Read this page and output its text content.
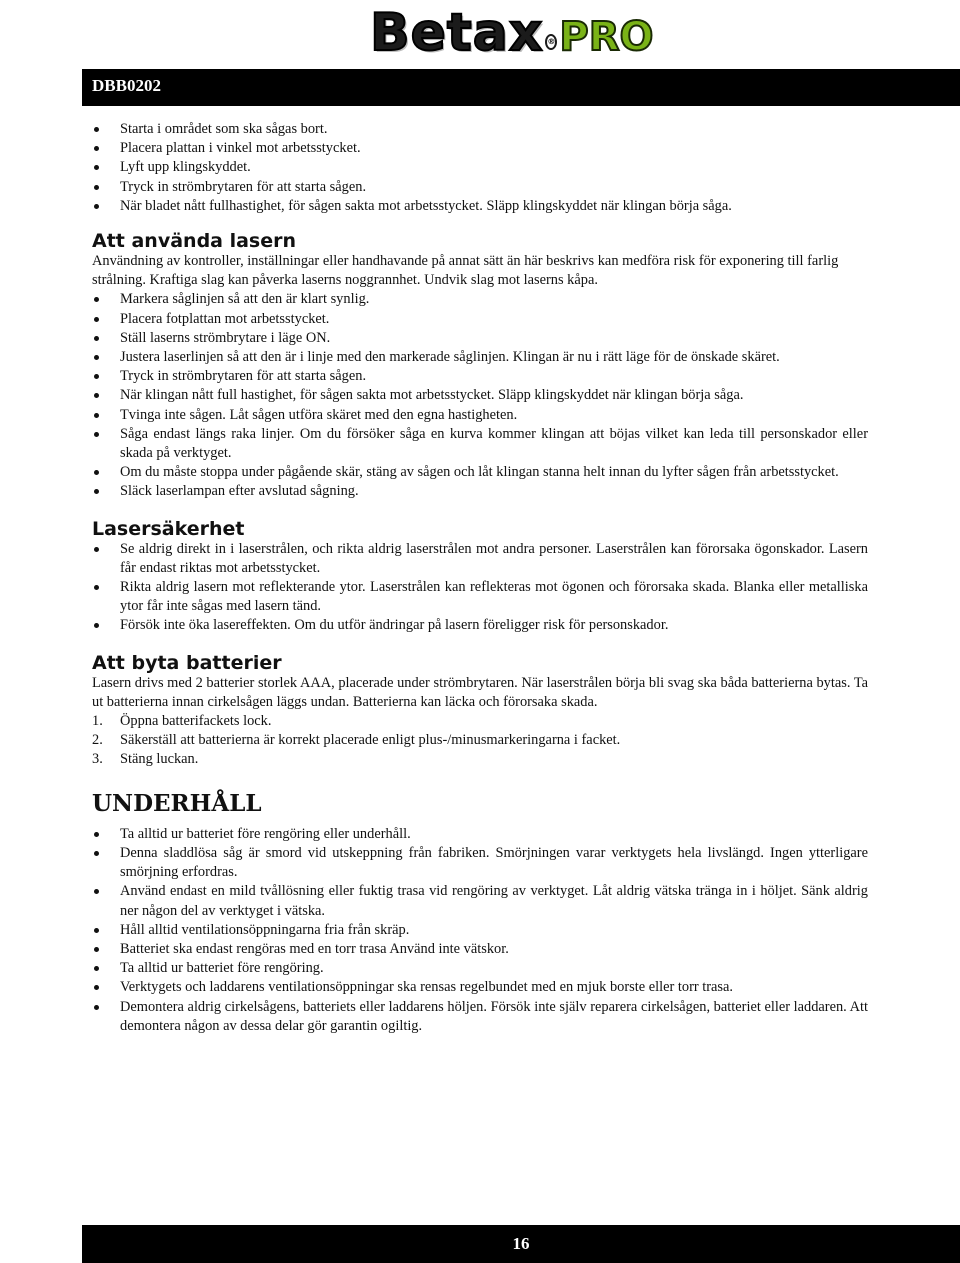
Betax ® PRO
DBB0202
Starta i området som ska sågas bort.
Placera plattan i vinkel mot arbetsstycket.
Lyft upp klingskyddet.
Tryck in strömbrytaren för att starta sågen.
När bladet nått fullhastighet, för sågen sakta mot arbetsstycket. Släpp klingskyddet när klingan börja såga.
Att använda lasern

Användning av kontroller, inställningar eller handhavande på annat sätt än här beskrivs kan medföra risk för exponering till farlig strålning. Kraftiga slag kan påverka laserns noggrannhet. Undvik slag mot laserns kåpa.

Markera såglinjen så att den är klart synlig.
Placera fotplattan mot arbetsstycket.
Ställ laserns strömbrytare i läge ON.
Justera laserlinjen så att den är i linje med den markerade såglinjen. Klingan är nu i rätt läge för de önskade skäret.
Tryck in strömbrytaren för att starta sågen.
När klingan nått full hastighet, för sågen sakta mot arbetsstycket. Släpp klingskyddet när klingan börja såga.
Tvinga inte sågen. Låt sågen utföra skäret med den egna hastigheten.
Såga endast längs raka linjer. Om du försöker såga en kurva kommer klingan att böjas vilket kan leda till personskador eller skada på verktyget.
Om du måste stoppa under pågående skär, stäng av sågen och låt klingan stanna helt innan du lyfter sågen från arbetsstycket.
Släck laserlampan efter avslutad sågning.
Lasersäkerhet
Se aldrig direkt in i laserstrålen, och rikta aldrig laserstrålen mot andra personer. Laserstrålen kan förorsaka ögonskador. Lasern får endast riktas mot arbetsstycket.
Rikta aldrig lasern mot reflekterande ytor. Laserstrålen kan reflekteras mot ögonen och förorsaka skada. Blanka eller metalliska ytor får inte sågas med lasern tänd.
Försök inte öka lasereffekten. Om du utför ändringar på lasern föreligger risk för personskador.
Att byta batterier

Lasern drivs med 2 batterier storlek AAA, placerade under strömbrytaren. När laserstrålen börja bli svag ska båda batterierna bytas. Ta ut batterierna innan cirkelsågen läggs undan. Batterierna kan läcka och förorsaka skada.

1. Öppna batterifackets lock.
2. Säkerställ att batterierna är korrekt placerade enligt plus-/minusmarkeringarna i facket.
3. Stäng luckan.
UNDERHÅLL
Ta alltid ur batteriet före rengöring eller underhåll.
Denna sladdlösa såg är smord vid utskeppning från fabriken. Smörjningen varar verktygets hela livslängd. Ingen ytterligare smörjning erfordras.
Använd endast en mild tvållösning eller fuktig trasa vid rengöring av verktyget. Låt aldrig vätska tränga in i höljet. Sänk aldrig ner någon del av verktyget i vätska.
Håll alltid ventilationsöppningarna fria från skräp.
Batteriet ska endast rengöras med en torr trasa Använd inte vätskor.
Ta alltid ur batteriet före rengöring.
Verktygets och laddarens ventilationsöppningar ska rensas regelbundet med en mjuk borste eller torr trasa.
Demontera aldrig cirkelsågens, batteriets eller laddarens höljen. Försök inte själv reparera cirkelsågen, batteriet eller laddaren. Att demontera någon av dessa delar gör garantin ogiltig.
16
